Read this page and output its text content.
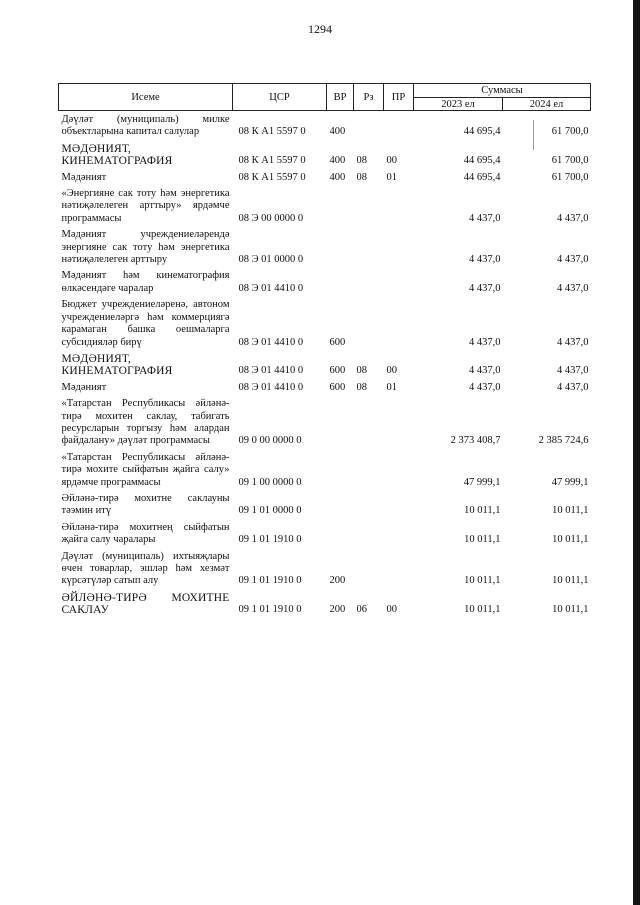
1294
Исеме	ЦСР	ВР	Рз	ПР	Суммасы	
					2023 ел	2024 ел
Дәүләт (муниципаль) милке объектларына капитал салулар	08 К А1 5597 0	400			44 695,4	61 700,0
МӘДӘНИЯТ, КИНЕМАТОГРАФИЯ	08 К А1 5597 0	400	08	00	44 695,4	61 700,0
Мәдәният	08 К А1 5597 0	400	08	01	44 695,4	61 700,0
«Энергияне сак тоту һәм энергетика нәтиҗәлелеген арттыру» ярдәмче программасы	08 Э 00 0000 0				4 437,0	4 437,0
Мәдәният учреждениеләрендә энергияне сак тоту һәм энергетика нәтиҗәлелеген арттыру	08 Э 01 0000 0				4 437,0	4 437,0
Мәдәният һәм кинематография өлкәсендәге чаралар	08 Э 01 4410 0				4 437,0	4 437,0
Бюджет учреждениеләренә, автоном учреждениеләргә һәм коммерциягә карамаган башка оешмаларга субсидияләр бирү	08 Э 01 4410 0	600			4 437,0	4 437,0
МӘДӘНИЯТ, КИНЕМАТОГРАФИЯ	08 Э 01 4410 0	600	08	00	4 437,0	4 437,0
Мәдәният	08 Э 01 4410 0	600	08	01	4 437,0	4 437,0
«Татарстан Республикасы әйләнә-тирә мохитен саклау, табигать ресурсларын торгызу һәм алардан файдалану» дәүләт программасы	09 0 00 0000 0				2 373 408,7	2 385 724,6
«Татарстан Республикасы әйләнә-тирә мохите сыйфатын җайга салу» ярдәмче программасы	09 1 00 0000 0				47 999,1	47 999,1
Әйләнә-тирә мохитне саклауны тәэмин итү	09 1 01 0000 0				10 011,1	10 011,1
Әйләнә-тирә мохитнең сыйфатын җайга салу чаралары	09 1 01 1910 0				10 011,1	10 011,1
Дәүләт (муниципаль) ихтыяҗлары өчен товарлар, эшләр һәм хезмәт күрсәтүләр сатып алу	09 1 01 1910 0	200			10 011,1	10 011,1
ӘЙЛӘНӘ-ТИРӘ МОХИТНЕ САКЛАУ	09 1 01 1910 0	200	06	00	10 011,1	10 011,1
